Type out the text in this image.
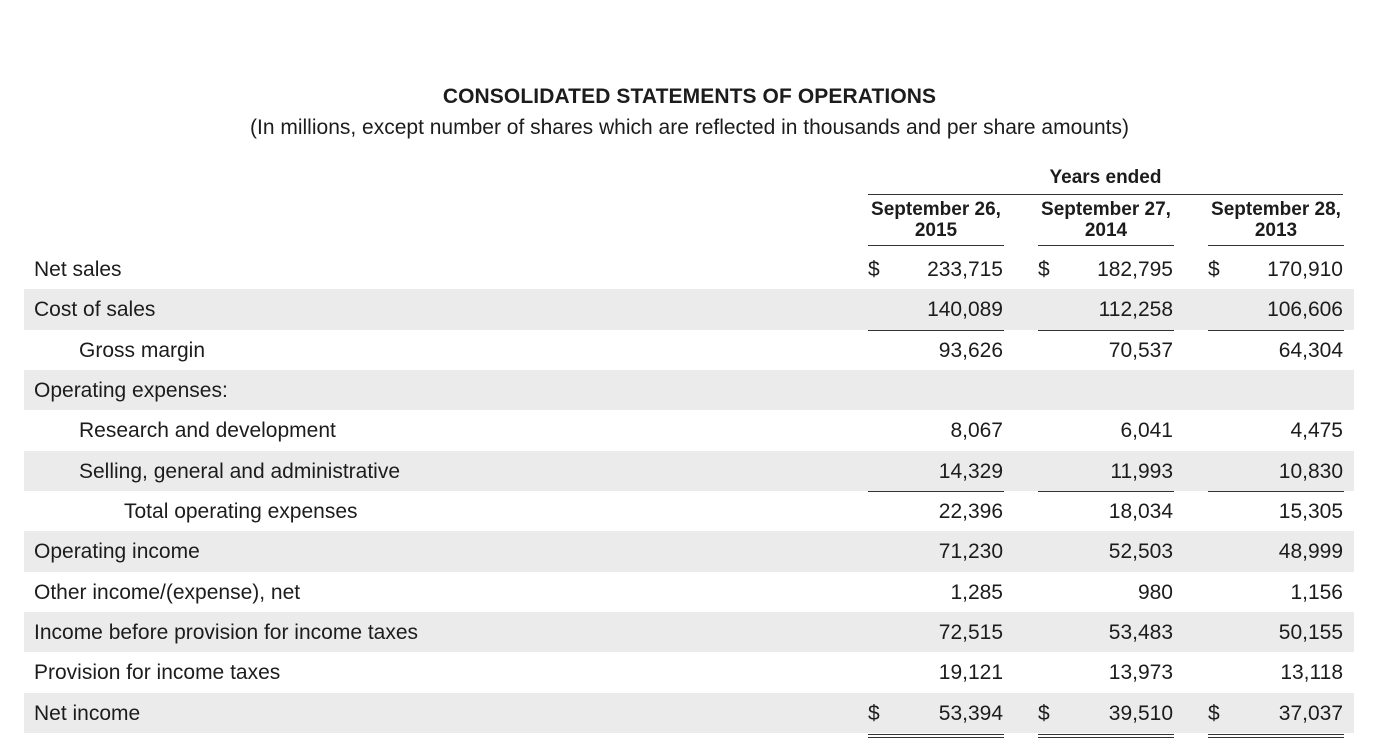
CONSOLIDATED STATEMENTS OF OPERATIONS
(In millions, except number of shares which are reflected in thousands and per share amounts)
Years ended
September 26,
2015
September 27,
2014
September 28,
2013
Net sales	$ 233,715 $ 182,795 $ 170,910
Cost of sales	140,089	112,258	106,606
Gross margin	93,626	70,537	64,304
Operating expenses:
Research and development	8,067	6,041	4,475
Selling, general and administrative	14,329	11,993	10,830
Total operating expenses	22,396	18,034	15,305
Operating income	71,230	52,503	48,999
Other income/(expense), net	1,285	980	1,156
Income before provision for income taxes	72,515	53,483	50,155
Provision for income taxes	19,121	13,973	13,118
Net income	$	53,394 $	39,510 $	37,037
